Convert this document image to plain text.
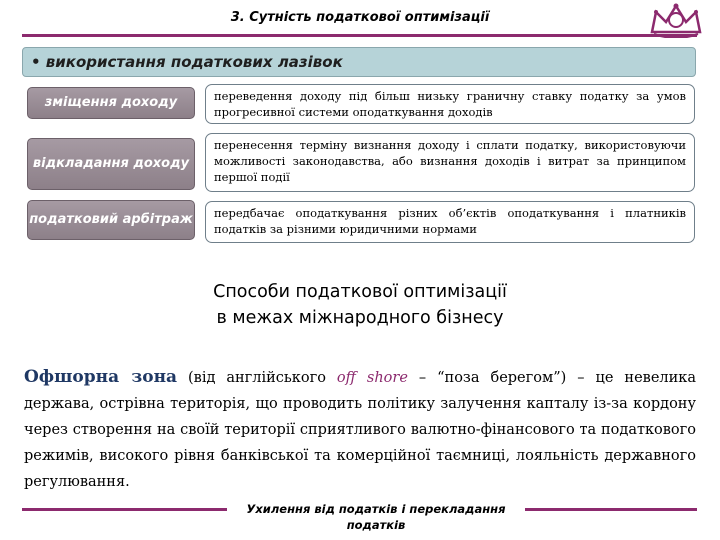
3. Сутність податкової оптимізації
• використання податкових лазівок
зміщення доходу	переведення доходу під більш низьку граничну ставку податку за умов прогресивної системи оподаткування доходів
відкладання доходу
перенесення терміну визнання доходу і сплати податку, використовуючи можливості законодавства, або визнання доходів і витрат за принципом першої події
податковий арбітраж	передбачає оподаткування різних об’єктів оподаткування і платників податків за різними юридичними нормами
Способи податкової оптимізації
в межах міжнародного бізнесу
Офшорна зона (від англійського off shore – “поза берегом”) – це невелика держава, острівна територія, що проводить політику залучення капталу із-за кордону через створення на своїй території сприятливого валютно-фінансового та податкового режимів, високого рівня банківської та комерційної таємниці, лояльність державного регулювання.
Ухилення від податків і перекладання податків
